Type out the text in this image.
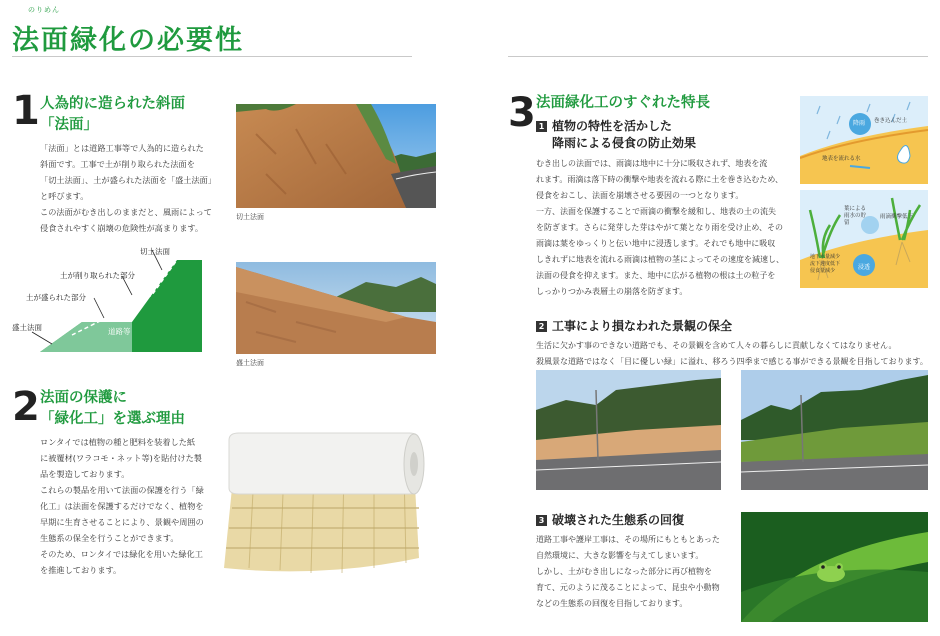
のりめん
法面緑化の必要性
1 人為的に造られた斜面
「法面」
「法面」とは道路工事等で人為的に造られた
斜面です。工事で土が削り取られた法面を
「切土法面」、土が盛られた法面を「盛土法面」
と呼びます。
この法面がむき出しのままだと、風雨によって
侵食されやすく崩壊の危険性が高まります。
切土法面
盛土法面
切土法面
土が削り取られた部分
土が盛られた部分
盛土法面	道路等
2 法面の保護に
「緑化工」を選ぶ理由
ロンタイでは植物の種と肥料を装着した紙
に被覆材(ワラコモ・ネット等)を貼付けた製
品を製造しております。
これらの製品を用いて法面の保護を行う「緑
化工」は法面を保護するだけでなく、植物を
早期に生育させることにより、景観や周囲の
生態系の保全を行うことができます。
そのため、ロンタイでは緑化を用いた緑化工
を推進しております。
3 法面緑化工のすぐれた特長
1 植物の特性を活かした
降雨による侵食の防止効果
むき出しの法面では、雨滴は地中に十分に吸収されず、地表を流
れます。雨滴は落下時の衝撃や地表を流れる際に土を巻き込むため、
侵食をおこし、法面を崩壊させる要因の一つとなります。
一方、法面を保護することで雨滴の衝撃を緩和し、地表の土の流失
を防ぎます。さらに発芽した芽はやがて葉となり雨を受け止め、その
雨滴は葉をゆっくりと伝い地中に浸透します。それでも地中に吸収
しきれずに地表を流れる雨滴は植物の茎によってその速度を減速し、
法面の侵食を抑えます。また、地中に広がる植物の根は土の粒子を
しっかりつかみ表層土の崩落を防ぎます。
降雨 巻き込んだ土
地表を流れる水
葉による雨水の貯留
雨滴衝撃低下
地下水量減少 流下速度低下 侵食量減少	浸透
2 工事により損なわれた景観の保全
生活に欠かす事のできない道路でも、その景観を含めて人々の暮らしに貢献しなくてはなりません。
殺風景な道路ではなく「目に優しい緑」に溢れ、移ろう四季まで感じる事ができる景観を目指しております。
3 破壊された生態系の回復
道路工事や護岸工事は、その場所にもともとあった
自然環境に、大きな影響を与えてしまいます。
しかし、土がむき出しになった部分に再び植物を
育て、元のように茂ることによって、昆虫や小動物
などの生態系の回復を目指しております。
